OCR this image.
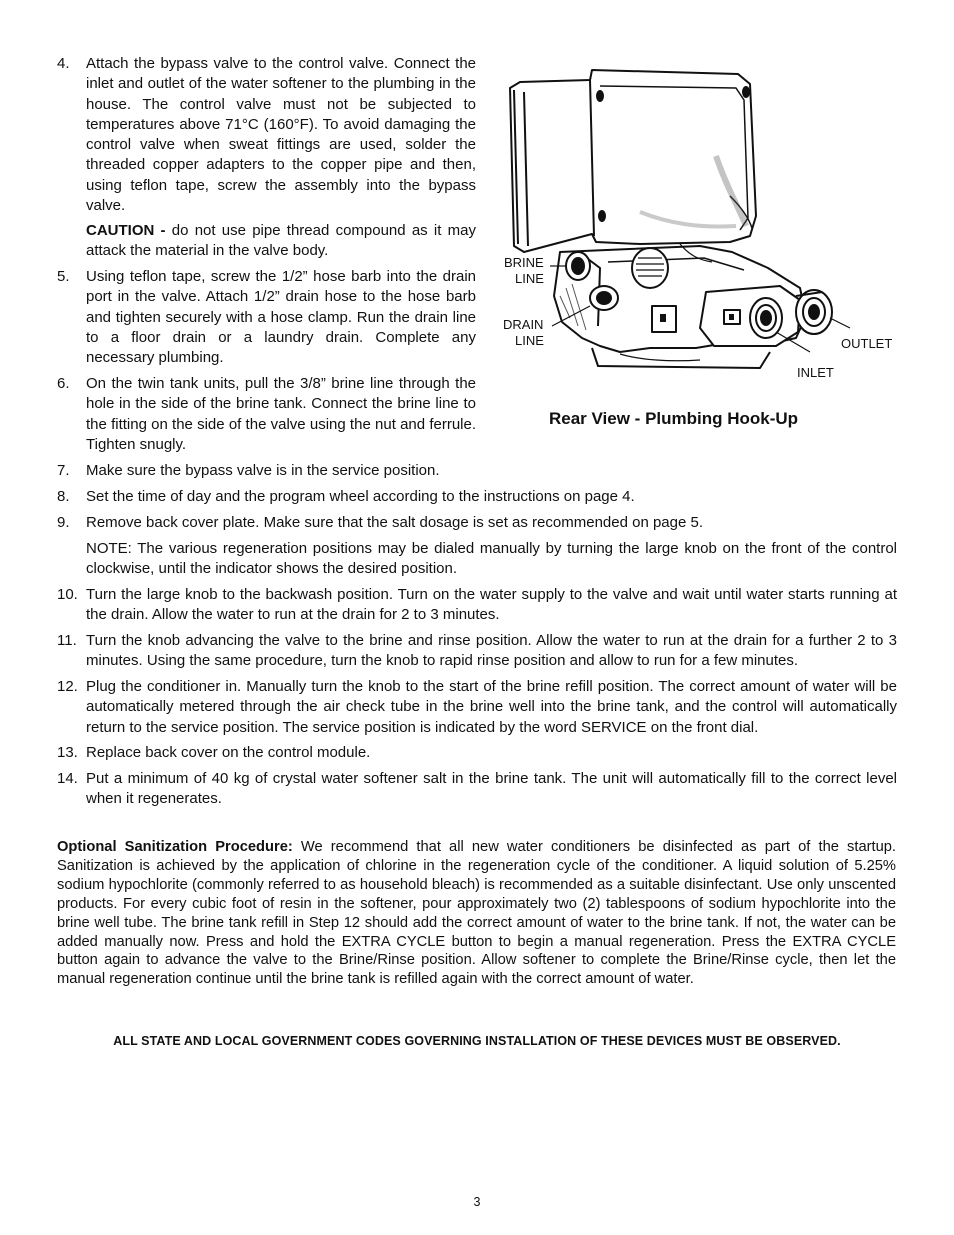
4.	Attach the bypass valve to the control valve. Connect the inlet and outlet of the water softener to the plumbing in the house. The control valve must not be subjected to temperatures above 71°C (160°F). To avoid damaging the control valve when sweat fittings are used, solder the threaded copper adapters to the copper pipe and then, using teflon tape, screw the assembly into the bypass valve.
CAUTION - do not use pipe thread compound as it may attack the material in the valve body.
5.	Using teflon tape, screw the 1/2” hose barb into the drain port in the valve. Attach 1/2” drain hose to the hose barb and tighten securely with a hose clamp. Run the drain line to a floor drain or a laundry drain. Complete any necessary plumbing.
6.	On the twin tank units, pull the 3/8” brine line through the hole in the side of the brine tank. Connect the brine line to the fitting on the side of the valve using the nut and ferrule. Tighten snugly.
7.	Make sure the bypass valve is in the service position.
8.	Set the time of day and the program wheel according to the instructions on page 4.
9.	Remove back cover plate. Make sure that the salt dosage is set as recommended on page 5.
NOTE: The various regeneration positions may be dialed manually by turning the large knob on the front of the control clockwise, until the indicator shows the desired position.
10. Turn the large knob to the backwash position. Turn on the water supply to the valve and wait until water starts running at the drain. Allow the water to run at the drain for 2 to 3 minutes.
11. Turn the knob advancing the valve to the brine and rinse position. Allow the water to run at the drain for a further 2 to 3 minutes. Using the same procedure, turn the knob to rapid rinse position and allow to run for a few minutes.
12. Plug the conditioner in. Manually turn the knob to the start of the brine refill position. The correct amount of water will be automatically metered through the air check tube in the brine well into the brine tank, and the control will automatically return to the service position. The service position is indicated by the word SERVICE on the front dial.
13. Replace back cover on the control module.
14. Put a minimum of 40 kg of crystal water softener salt in the brine tank. The unit will automatically fill to the correct level when it regenerates.
BRINE
LINE
DRAIN
LINE	OUTLET
INLET
Rear View - Plumbing Hook-Up
Optional Sanitization Procedure: We recommend that all new water conditioners be disinfected as part of the startup. Sanitization is achieved by the application of chlorine in the regeneration cycle of the conditioner. A liquid solution of 5.25% sodium hypochlorite (commonly referred to as household bleach) is recommended as a suitable disinfectant. Use only unscented products. For every cubic foot of resin in the softener, pour approximately two (2) tablespoons of sodium hypochlorite into the brine well tube. The brine tank refill in Step 12 should add the correct amount of water to the brine tank. If not, the water can be added manually now. Press and hold the EXTRA CYCLE button to begin a manual regeneration. Press the EXTRA CYCLE button again to advance the valve to the Brine/Rinse position. Allow softener to complete the Brine/Rinse cycle, then let the manual regeneration continue until the brine tank is refilled again with the correct amount of water.
ALL STATE AND LOCAL GOVERNMENT CODES GOVERNING INSTALLATION OF THESE DEVICES MUST BE OBSERVED.
3
